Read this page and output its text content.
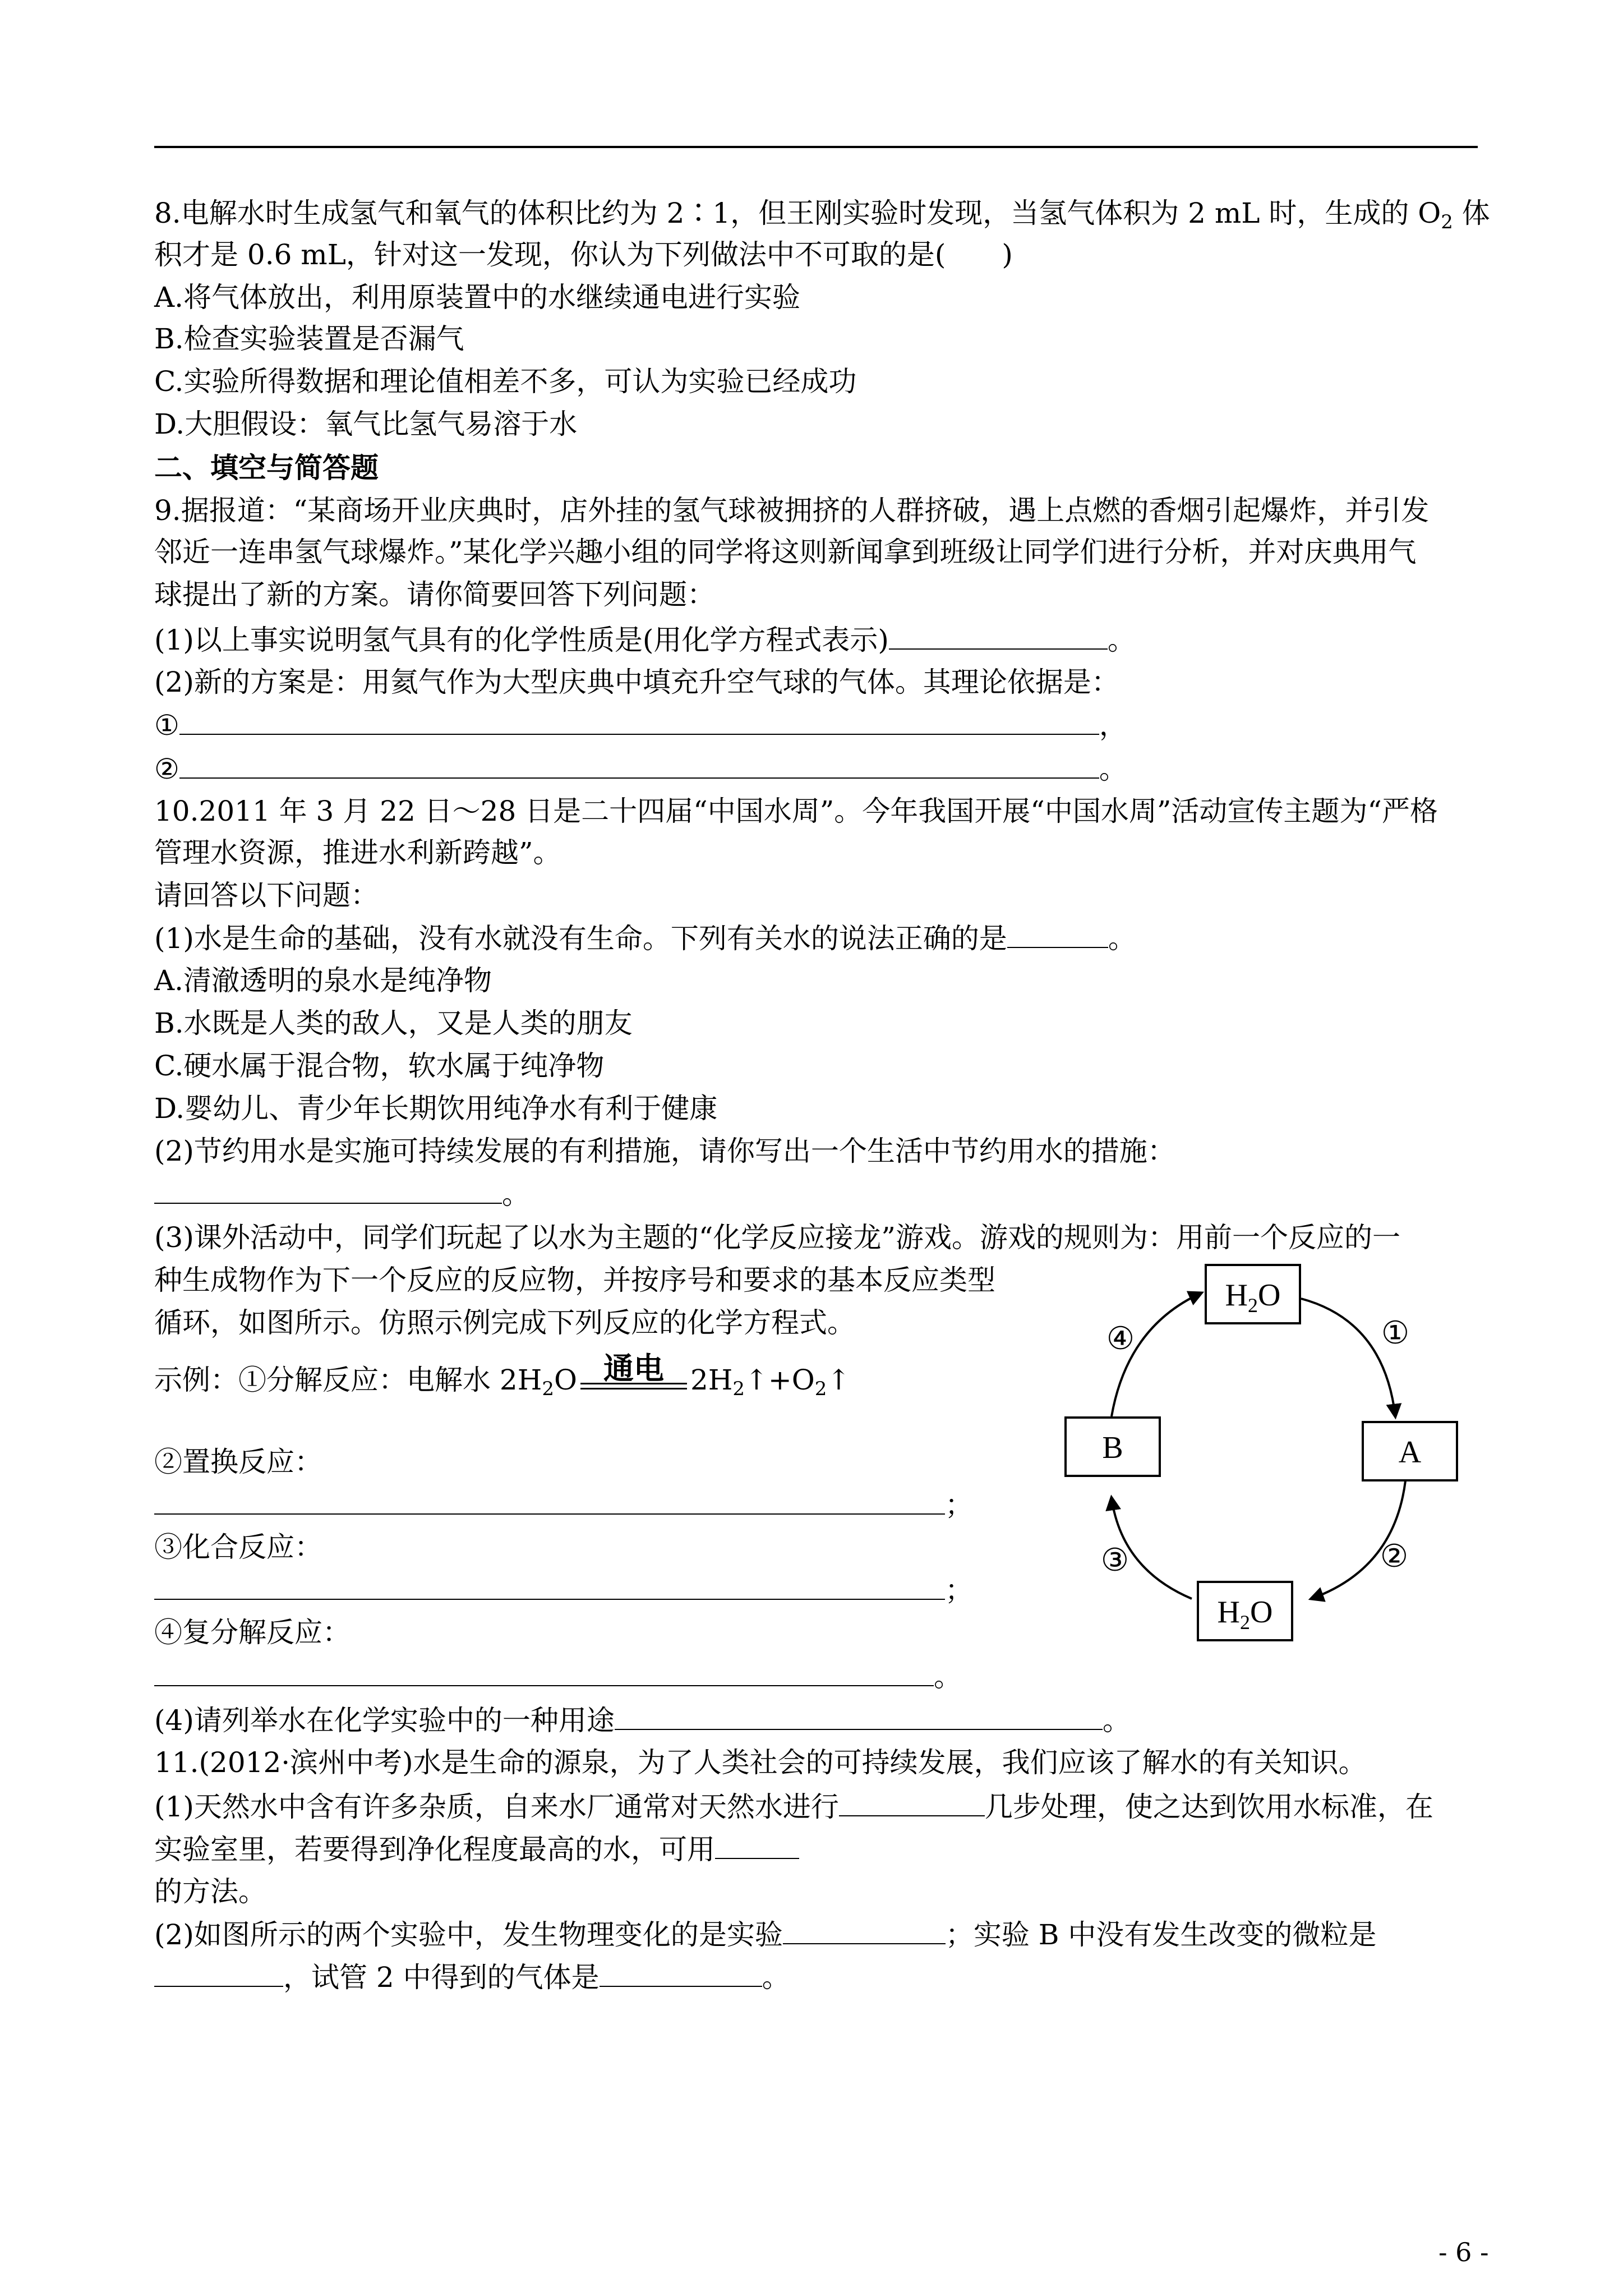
8.电解水时生成氢气和氧气的体积比约为 2∶1，但王刚实验时发现，当氢气体积为 2 mL 时，生成的 $O_2$ 体
积才是 0.6 mL，针对这一发现，你认为下列做法中不可取的是(　　)
A.将气体放出，利用原装置中的水继续通电进行实验
B.检查实验装置是否漏气
C.实验所得数据和理论值相差不多，可认为实验已经成功
D.大胆假设：氧气比氢气易溶于水
二、填空与简答题
9.据报道：“某商场开业庆典时，店外挂的氢气球被拥挤的人群挤破，遇上点燃的香烟引起爆炸，并引发
邻近一连串氢气球爆炸。”某化学兴趣小组的同学将这则新闻拿到班级让同学们进行分析，并对庆典用气
球提出了新的方案。请你简要回答下列问题：
(1)以上事实说明氢气具有的化学性质是(用化学方程式表示)	。
(2)新的方案是：用氦气作为大型庆典中填充升空气球的气体。其理论依据是：
①	，
②	。
10.2011 年 3 月 22 日～28 日是二十四届“中国水周”。今年我国开展“中国水周”活动宣传主题为“严格
管理水资源，推进水利新跨越”。
请回答以下问题：
(1)水是生命的基础，没有水就没有生命。下列有关水的说法正确的是	。
A.清澈透明的泉水是纯净物
B.水既是人类的敌人，又是人类的朋友
C.硬水属于混合物，软水属于纯净物
D.婴幼儿、青少年长期饮用纯净水有利于健康
(2)节约用水是实施可持续发展的有利措施，请你写出一个生活中节约用水的措施：
。
(3)课外活动中，同学们玩起了以水为主题的“化学反应接龙”游戏。游戏的规则为：用前一个反应的一
种生成物作为下一个反应的反应物，并按序号和要求的基本反应类型
循环，如图所示。仿照示例完成下列反应的化学方程式。
示例：①分解反应：电解水 $2H_2O$ 通电 $2H_2↑+O_2↑$
②置换反应：
；
③化合反应：
；
④复分解反应：
。
(4)请列举水在化学实验中的一种用途	。
11.(2012·滨州中考)水是生命的源泉，为了人类社会的可持续发展，我们应该了解水的有关知识。
(1)天然水中含有许多杂质，自来水厂通常对天然水进行	几步处理，使之达到饮用水标准，在
实验室里，若要得到净化程度最高的水，可用
的方法。
(2)如图所示的两个实验中，发生物理变化的是实验	；实验 B 中没有发生改变的微粒是
，试管 2 中得到的气体是	。
$H_2O$
A
$H_2O$
B
①
②
③
④
- 6 -
